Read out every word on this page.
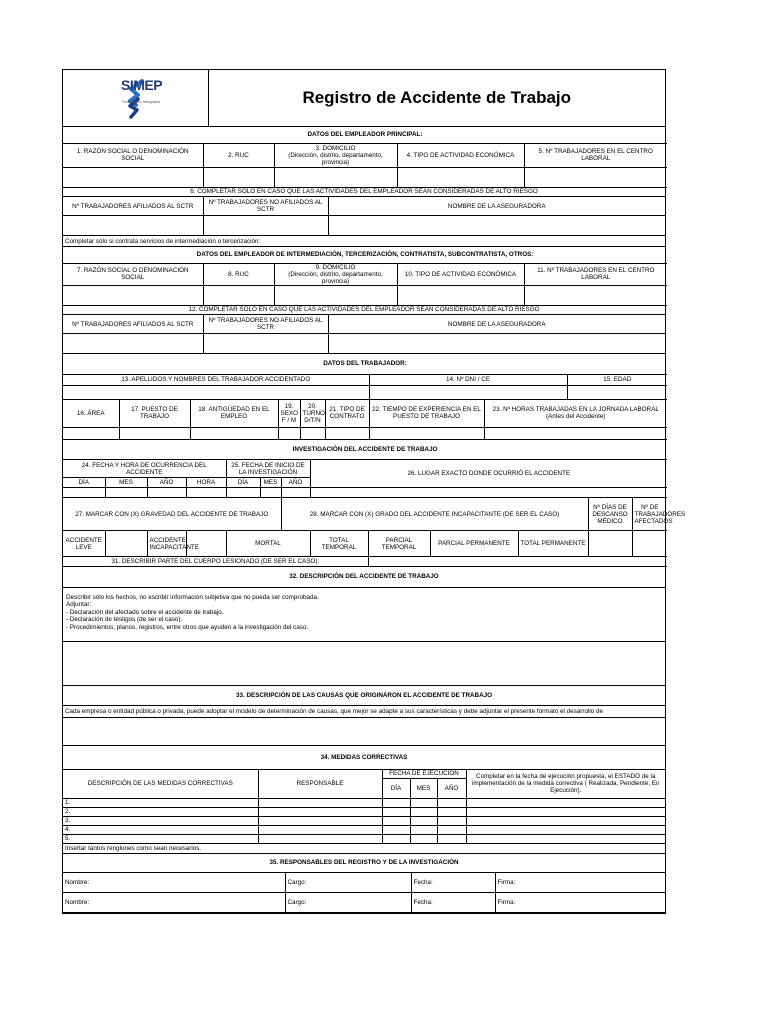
SIMEP
Soluciones Integrales	Registro de Accidente de Trabajo
DATOS DEL EMPLEADOR PRINCIPAL:				
1. RAZÓN SOCIAL O DENOMINACIÓN SOCIAL	2. RUC	3. DOMICILIO
(Dirección, distrito, departamento, provincia)	4. TIPO DE ACTIVIDAD ECONÓMICA	5. Nº TRABAJADORES EN EL CENTRO LABORAL

6. COMPLETAR SÓLO EN CASO QUE LAS ACTIVIDADES DEL EMPLEADOR SEAN CONSIDERADAS DE ALTO RIESGO		
Nº TRABAJADORES AFILIADOS AL SCTR	Nº TRABAJADORES NO AFILIADOS AL SCTR	NOMBRE DE LA ASEGURADORA

Completar sólo si contrata servicios de intermediación o tercerización:		
DATOS DEL EMPLEADOR DE INTERMEDIACIÓN, TERCERIZACIÓN, CONTRATISTA, SUBCONTRATISTA, OTROS:				
7. RAZÓN SOCIAL O DENOMINACIÓN SOCIAL	8. RUC	9. DOMICILIO
(Dirección, distrito, departamento, provincia)	10. TIPO DE ACTIVIDAD ECONÓMICA	11. Nº TRABAJADORES EN EL CENTRO LABORAL

12. COMPLETAR SÓLO EN CASO QUE LAS ACTIVIDADES DEL EMPLEADOR SEAN CONSIDERADAS DE ALTO RIESGO		
Nº TRABAJADORES AFILIADOS AL SCTR	Nº TRABAJADORES NO AFILIADOS AL SCTR	NOMBRE DE LA ASEGURADORA

DATOS DEL TRABAJADOR:								
13. APELLIDOS Y NOMBRES DEL TRABAJADOR ACCIDENTADO						14. Nº DNI / CE		15. EDAD

16. ÁREA	17. PUESTO DE TRABAJO	18. ANTIGÜEDAD EN EL EMPLEO	19. SEXO F / M	20. TURNO D/T/N	21. TIPO DE CONTRATO	22. TIEMPO DE EXPERIENCIA EN EL PUESTO DE TRABAJO	23. Nº HORAS TRABAJADAS EN LA JORNADA LABORAL
(Antes del Accidente)	

INVESTIGACIÓN DEL ACCIDENTE DE TRABAJO												
24. FECHA Y HORA DE OCURRENCIA DEL ACCIDENTE				25. FECHA DE INICIO DE LA INVESTIGACIÓN			26. LUGAR EXACTO DONDE OCURRIÓ EL ACCIDENTE					
DÍA	MES	AÑO	HORA	DÍA	MES	AÑO						

27. MARCAR CON (X) GRAVEDAD DEL ACCIDENTE DE TRABAJO						28. MARCAR CON (X) GRADO DEL ACCIDENTE INCAPACITANTE (DE SER EL CASO)					Nº DÍAS DE DESCANSO MÉDICO	Nº DE TRABAJADORES AFECTADOS
ACCIDENTE LEVE		ACCIDENTE INCAPACITANTE		MORTAL			TOTAL TEMPORAL	PARCIAL TEMPORAL	PARCIAL PERMANENTE	TOTAL PERMANENTE		
31. DESCRIBIR PARTE DEL CUERPO LESIONADO (DE SER EL CASO):												
32. DESCRIPCIÓN DEL ACCIDENTE DE TRABAJO

Describir sólo los hechos, no escribir información subjetiva que no pueda ser comprobada.
Adjuntar:
- Declaración del afectado sobre el accidente de trabajo.
- Declaración de testigos (de ser el caso).
- Procedimientos, planos, registros, entre otros que ayuden a la investigación del caso.

33. DESCRIPCIÓN DE LAS CAUSAS QUE ORIGINARON EL ACCIDENTE DE TRABAJO
Cada empresa o entidad pública o privada, puede adoptar el modelo de determinación de causas, que mejor se adapte a sus características y debe adjuntar el presente formato el desarrollo de

34. MEDIDAS CORRECTIVAS					
DESCRIPCIÓN DE LAS MEDIDAS CORRECTIVAS	RESPONSABLE	FECHA DE EJECUCIÓN			Completar en la fecha de ejecución propuesta, el ESTADO de la implementación de la medida correctiva ( Realizada, Pendiente, En Ejecución).
		DÍA	MES	AÑO	
1.					
2.					
3.					
4.					
5.					
Insertar tantos renglones como sean necesarios.					
35. RESPONSABLES DEL REGISTRO Y DE LA INVESTIGACIÓN			
Nombre:	Cargo:	Fecha:	Firma:
Nombre:	Cargo:	Fecha:	Firma:
